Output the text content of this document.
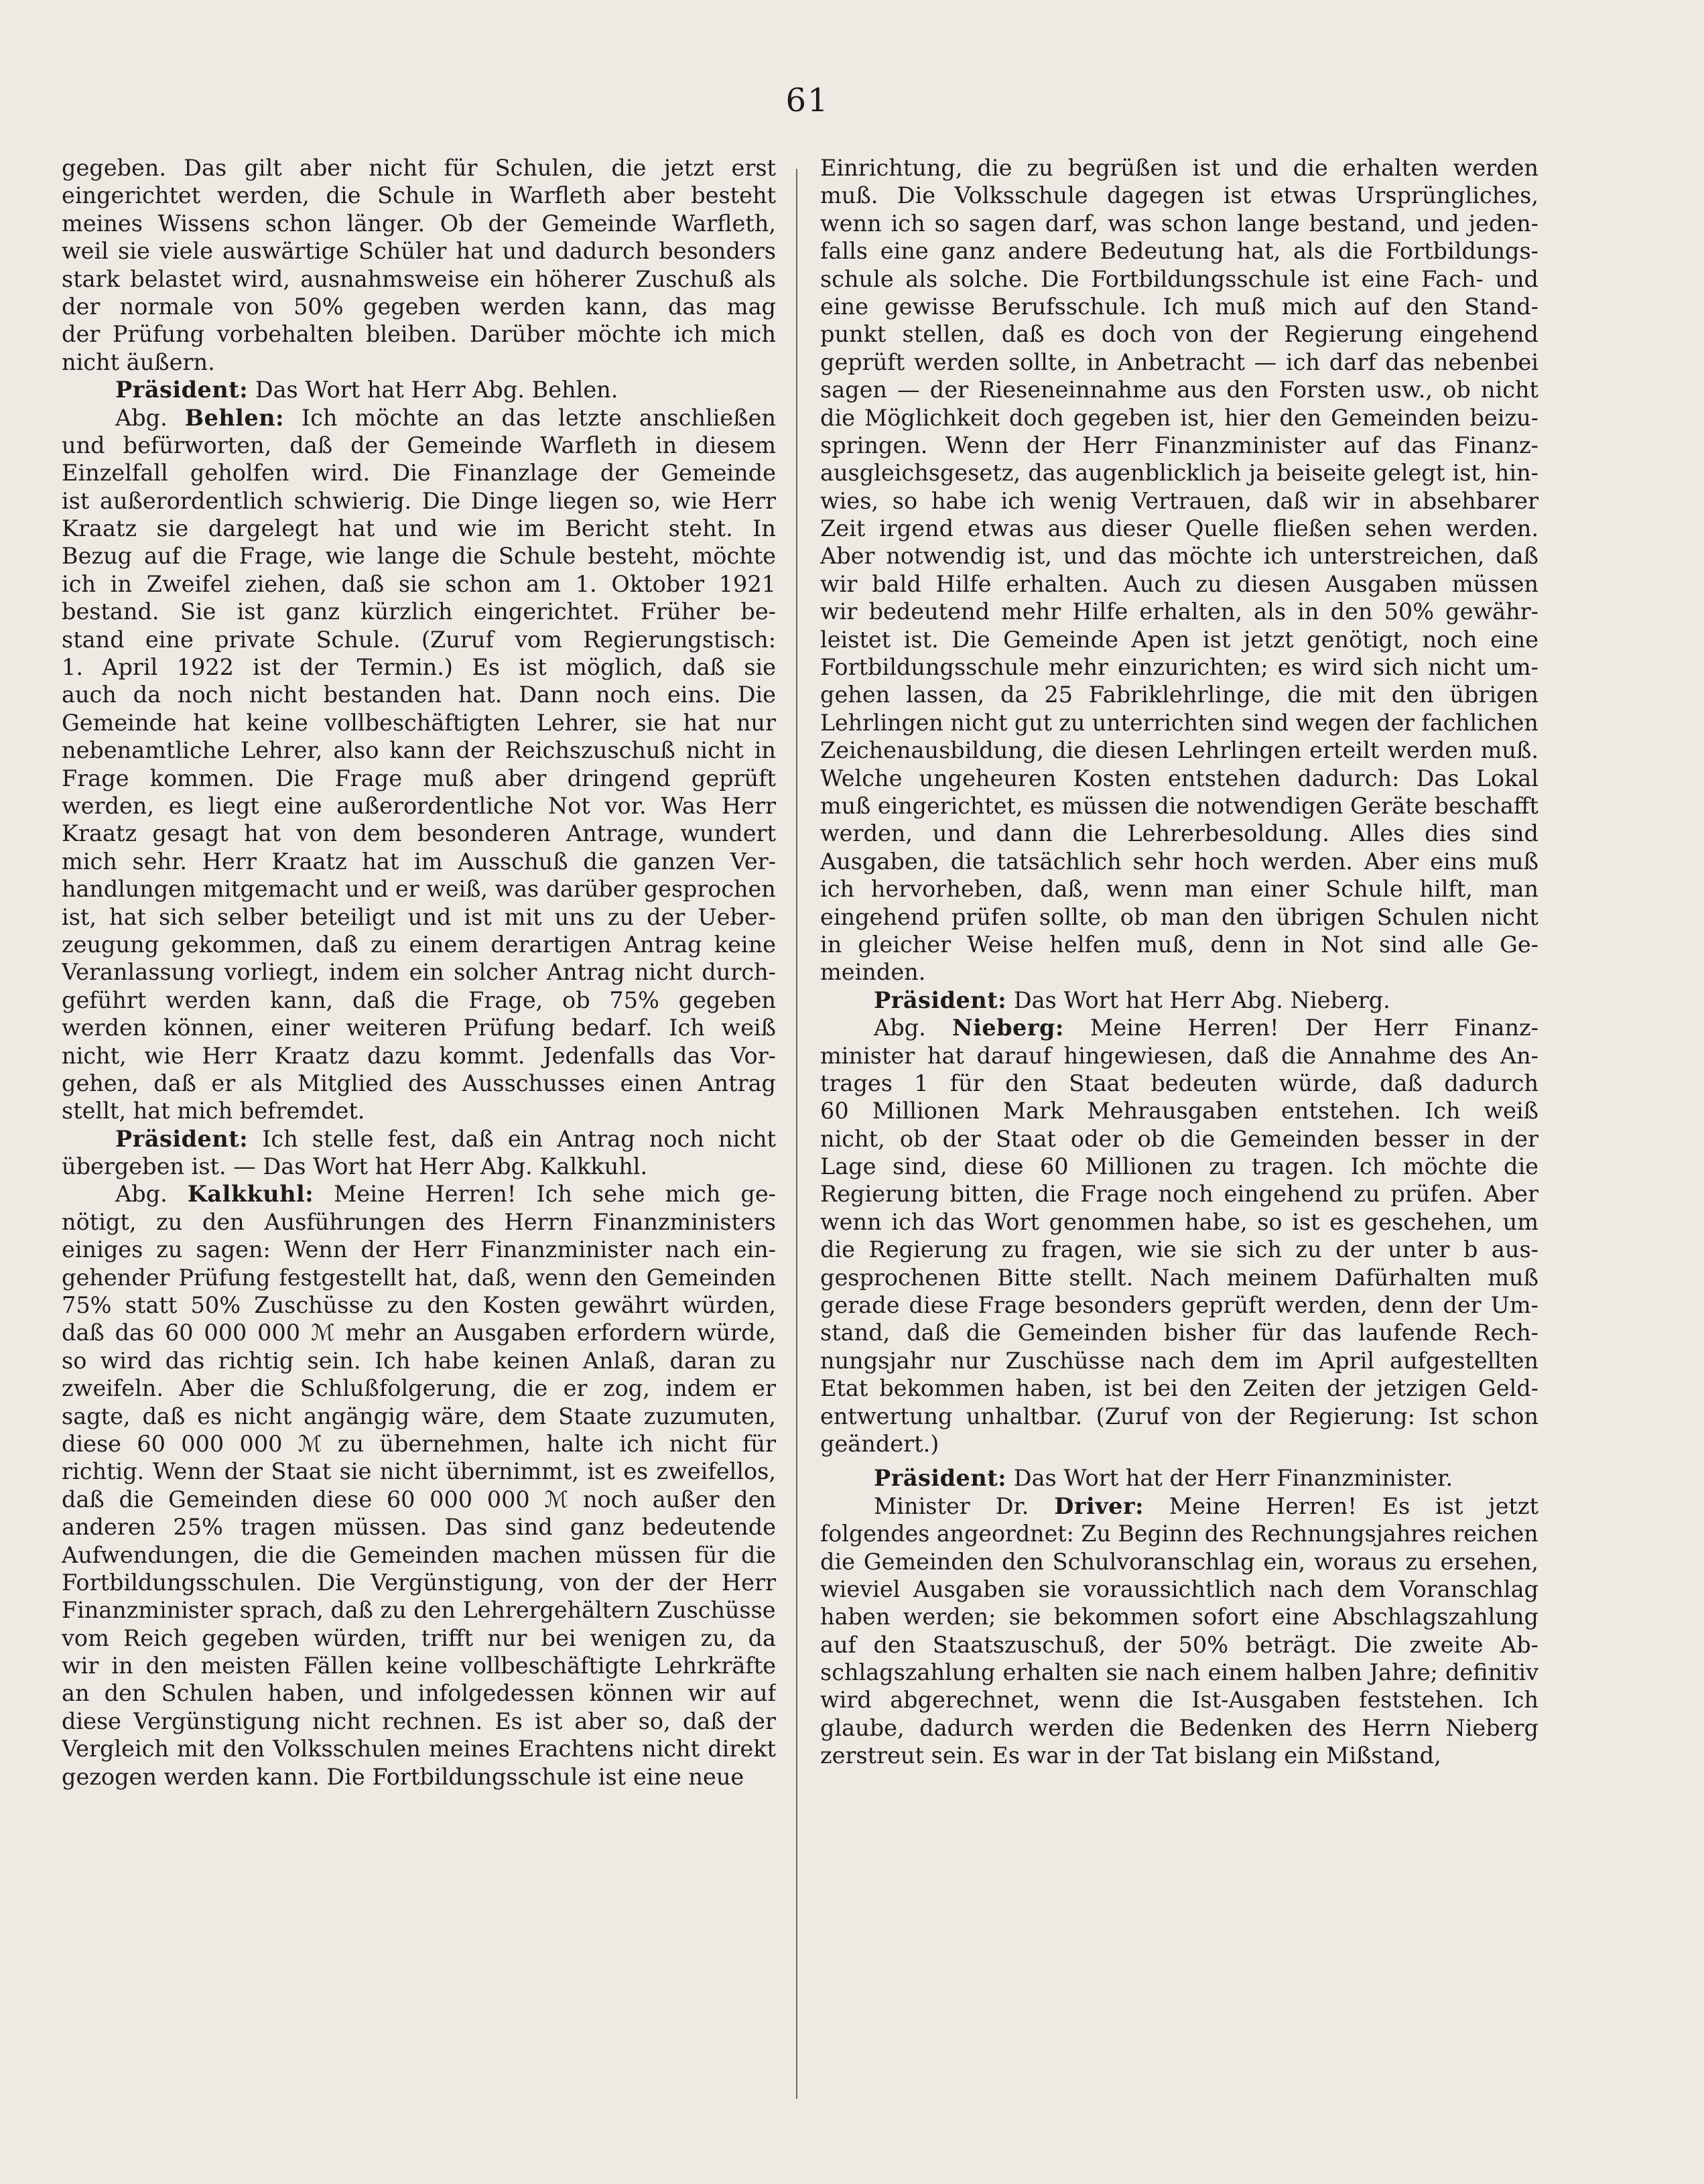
61
gegeben. Das gilt aber nicht für Schulen, die jetzt erst
eingerichtet werden, die Schule in Warfleth aber besteht
meines Wissens schon länger. Ob der Gemeinde Warfleth,
weil sie viele auswärtige Schüler hat und dadurch besonders
stark belastet wird, ausnahmsweise ein höherer Zuschuß als
der normale von 50% gegeben werden kann, das mag
der Prüfung vorbehalten bleiben. Darüber möchte ich mich
nicht äußern.
Präsident: Das Wort hat Herr Abg. Behlen.
Abg. Behlen: Ich möchte an das letzte anschließen
und befürworten, daß der Gemeinde Warfleth in diesem
Einzelfall geholfen wird. Die Finanzlage der Gemeinde
ist außerordentlich schwierig. Die Dinge liegen so, wie Herr
Kraatz sie dargelegt hat und wie im Bericht steht. In
Bezug auf die Frage, wie lange die Schule besteht, möchte
ich in Zweifel ziehen, daß sie schon am 1. Oktober 1921
bestand. Sie ist ganz kürzlich eingerichtet. Früher be-
stand eine private Schule. (Zuruf vom Regierungstisch:
1. April 1922 ist der Termin.) Es ist möglich, daß sie
auch da noch nicht bestanden hat. Dann noch eins. Die
Gemeinde hat keine vollbeschäftigten Lehrer, sie hat nur
nebenamtliche Lehrer, also kann der Reichszuschuß nicht in
Frage kommen. Die Frage muß aber dringend geprüft
werden, es liegt eine außerordentliche Not vor. Was Herr
Kraatz gesagt hat von dem besonderen Antrage, wundert
mich sehr. Herr Kraatz hat im Ausschuß die ganzen Ver-
handlungen mitgemacht und er weiß, was darüber gesprochen
ist, hat sich selber beteiligt und ist mit uns zu der Ueber-
zeugung gekommen, daß zu einem derartigen Antrag keine
Veranlassung vorliegt, indem ein solcher Antrag nicht durch-
geführt werden kann, daß die Frage, ob 75% gegeben
werden können, einer weiteren Prüfung bedarf. Ich weiß
nicht, wie Herr Kraatz dazu kommt. Jedenfalls das Vor-
gehen, daß er als Mitglied des Ausschusses einen Antrag
stellt, hat mich befremdet.
Präsident: Ich stelle fest, daß ein Antrag noch nicht
übergeben ist. — Das Wort hat Herr Abg. Kalkkuhl.
Abg. Kalkkuhl: Meine Herren! Ich sehe mich ge-
nötigt, zu den Ausführungen des Herrn Finanzministers
einiges zu sagen: Wenn der Herr Finanzminister nach ein-
gehender Prüfung festgestellt hat, daß, wenn den Gemeinden
75% statt 50% Zuschüsse zu den Kosten gewährt würden,
daß das 60 000 000 ℳ mehr an Ausgaben erfordern würde,
so wird das richtig sein. Ich habe keinen Anlaß, daran zu
zweifeln. Aber die Schlußfolgerung, die er zog, indem er
sagte, daß es nicht angängig wäre, dem Staate zuzumuten,
diese 60 000 000 ℳ zu übernehmen, halte ich nicht für
richtig. Wenn der Staat sie nicht übernimmt, ist es zweifellos,
daß die Gemeinden diese 60 000 000 ℳ noch außer den
anderen 25% tragen müssen. Das sind ganz bedeutende
Aufwendungen, die die Gemeinden machen müssen für die
Fortbildungsschulen. Die Vergünstigung, von der der Herr
Finanzminister sprach, daß zu den Lehrergehältern Zuschüsse
vom Reich gegeben würden, trifft nur bei wenigen zu, da
wir in den meisten Fällen keine vollbeschäftigte Lehrkräfte
an den Schulen haben, und infolgedessen können wir auf
diese Vergünstigung nicht rechnen. Es ist aber so, daß der
Vergleich mit den Volksschulen meines Erachtens nicht direkt
gezogen werden kann. Die Fortbildungsschule ist eine neue
Einrichtung, die zu begrüßen ist und die erhalten werden
muß. Die Volksschule dagegen ist etwas Ursprüngliches,
wenn ich so sagen darf, was schon lange bestand, und jeden-
falls eine ganz andere Bedeutung hat, als die Fortbildungs-
schule als solche. Die Fortbildungsschule ist eine Fach- und
eine gewisse Berufsschule. Ich muß mich auf den Stand-
punkt stellen, daß es doch von der Regierung eingehend
geprüft werden sollte, in Anbetracht — ich darf das nebenbei
sagen — der Rieseneinnahme aus den Forsten usw., ob nicht
die Möglichkeit doch gegeben ist, hier den Gemeinden beizu-
springen. Wenn der Herr Finanzminister auf das Finanz-
ausgleichsgesetz, das augenblicklich ja beiseite gelegt ist, hin-
wies, so habe ich wenig Vertrauen, daß wir in absehbarer
Zeit irgend etwas aus dieser Quelle fließen sehen werden.
Aber notwendig ist, und das möchte ich unterstreichen, daß
wir bald Hilfe erhalten. Auch zu diesen Ausgaben müssen
wir bedeutend mehr Hilfe erhalten, als in den 50% gewähr-
leistet ist. Die Gemeinde Apen ist jetzt genötigt, noch eine
Fortbildungsschule mehr einzurichten; es wird sich nicht um-
gehen lassen, da 25 Fabriklehrlinge, die mit den übrigen
Lehrlingen nicht gut zu unterrichten sind wegen der fachlichen
Zeichenausbildung, die diesen Lehrlingen erteilt werden muß.
Welche ungeheuren Kosten entstehen dadurch: Das Lokal
muß eingerichtet, es müssen die notwendigen Geräte beschafft
werden, und dann die Lehrerbesoldung. Alles dies sind
Ausgaben, die tatsächlich sehr hoch werden. Aber eins muß
ich hervorheben, daß, wenn man einer Schule hilft, man
eingehend prüfen sollte, ob man den übrigen Schulen nicht
in gleicher Weise helfen muß, denn in Not sind alle Ge-
meinden.
Präsident: Das Wort hat Herr Abg. Nieberg.
Abg. Nieberg: Meine Herren! Der Herr Finanz-
minister hat darauf hingewiesen, daß die Annahme des An-
trages 1 für den Staat bedeuten würde, daß dadurch
60 Millionen Mark Mehrausgaben entstehen. Ich weiß
nicht, ob der Staat oder ob die Gemeinden besser in der
Lage sind, diese 60 Millionen zu tragen. Ich möchte die
Regierung bitten, die Frage noch eingehend zu prüfen. Aber
wenn ich das Wort genommen habe, so ist es geschehen, um
die Regierung zu fragen, wie sie sich zu der unter b aus-
gesprochenen Bitte stellt. Nach meinem Dafürhalten muß
gerade diese Frage besonders geprüft werden, denn der Um-
stand, daß die Gemeinden bisher für das laufende Rech-
nungsjahr nur Zuschüsse nach dem im April aufgestellten
Etat bekommen haben, ist bei den Zeiten der jetzigen Geld-
entwertung unhaltbar. (Zuruf von der Regierung: Ist schon
geändert.)
Präsident: Das Wort hat der Herr Finanzminister.
Minister Dr. Driver: Meine Herren! Es ist jetzt
folgendes angeordnet: Zu Beginn des Rechnungsjahres reichen
die Gemeinden den Schulvoranschlag ein, woraus zu ersehen,
wieviel Ausgaben sie voraussichtlich nach dem Voranschlag
haben werden; sie bekommen sofort eine Abschlagszahlung
auf den Staatszuschuß, der 50% beträgt. Die zweite Ab-
schlagszahlung erhalten sie nach einem halben Jahre; definitiv
wird abgerechnet, wenn die Ist-Ausgaben feststehen. Ich
glaube, dadurch werden die Bedenken des Herrn Nieberg
zerstreut sein. Es war in der Tat bislang ein Mißstand,
